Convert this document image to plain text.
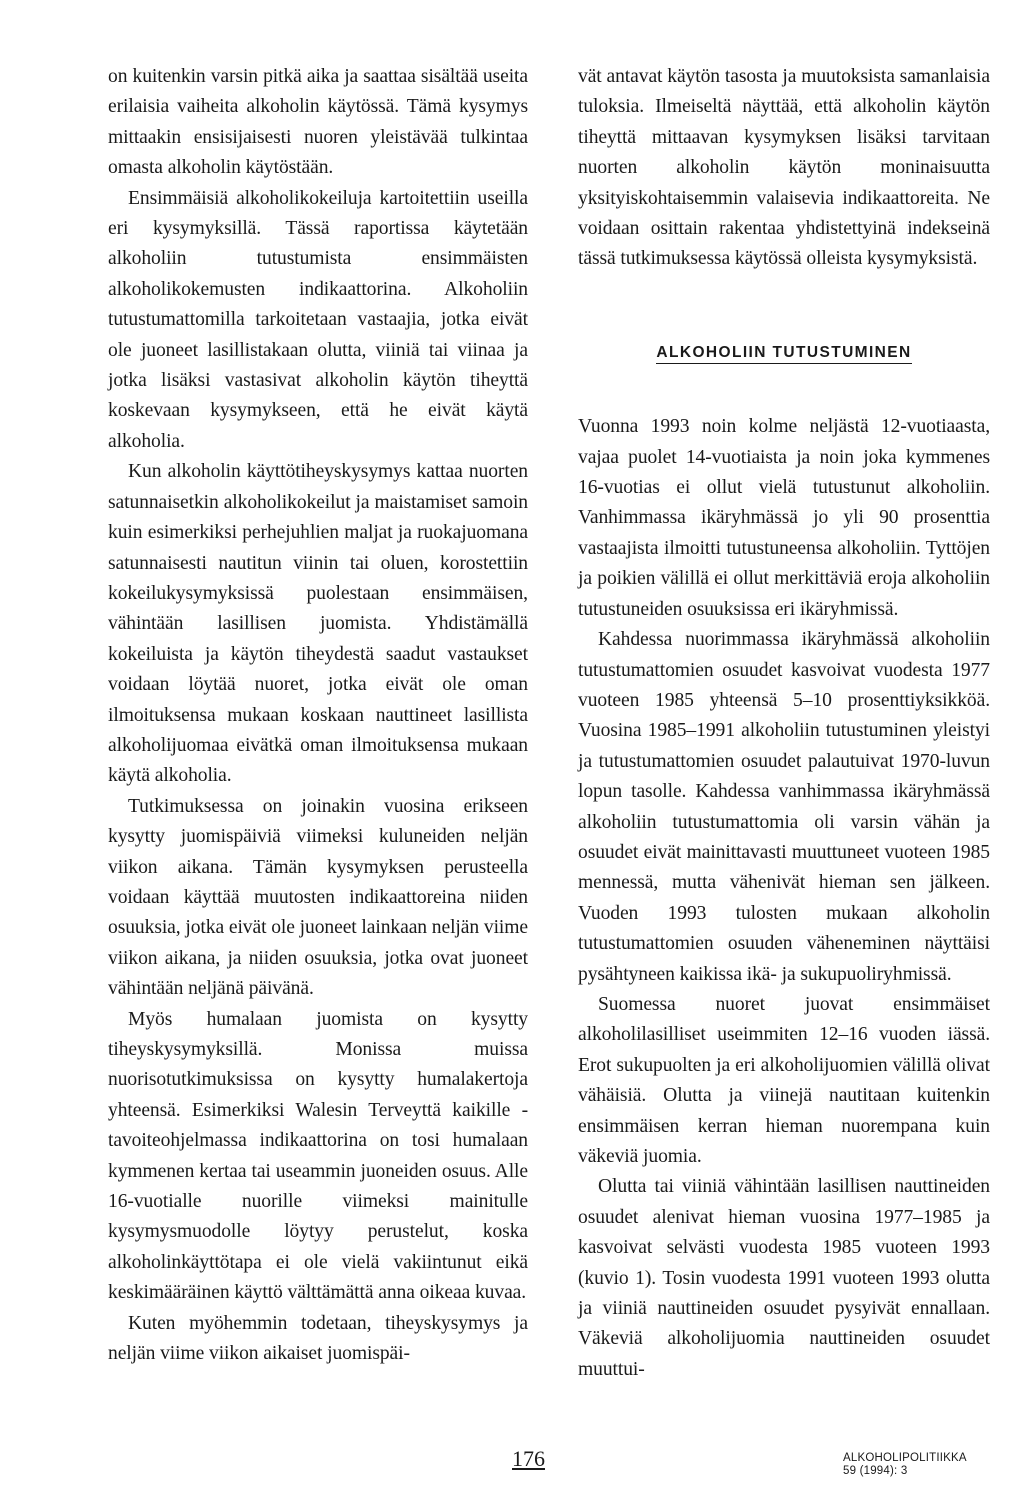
on kuitenkin varsin pitkä aika ja saattaa sisältää useita erilaisia vaiheita alkoholin käytössä. Tämä kysymys mittaakin ensisijaisesti nuoren yleistävää tulkintaa omasta alkoholin käytöstään.

Ensimmäisiä alkoholikokeiluja kartoitettiin useilla eri kysymyksillä. Tässä raportissa käytetään alkoholiin tutustumista ensimmäisten alkoholikokemusten indikaattorina. Alkoholiin tutustumattomilla tarkoitetaan vastaajia, jotka eivät ole juoneet lasillistakaan olutta, viiniä tai viinaa ja jotka lisäksi vastasivat alkoholin käytön tiheyttä koskevaan kysymykseen, että he eivät käytä alkoholia.

Kun alkoholin käyttötiheyskysymys kattaa nuorten satunnaisetkin alkoholikokeilut ja maistamiset samoin kuin esimerkiksi perhejuhlien maljat ja ruokajuomana satunnaisesti nautitun viinin tai oluen, korostettiin kokeilukysymyksissä puolestaan ensimmäisen, vähintään lasillisen juomista. Yhdistämällä kokeiluista ja käytön tiheydestä saadut vastaukset voidaan löytää nuoret, jotka eivät ole oman ilmoituksensa mukaan koskaan nauttineet lasillista alkoholijuomaa eivätkä oman ilmoituksensa mukaan käytä alkoholia.

Tutkimuksessa on joinakin vuosina erikseen kysytty juomispäiviä viimeksi kuluneiden neljän viikon aikana. Tämän kysymyksen perusteella voidaan käyttää muutosten indikaattoreina niiden osuuksia, jotka eivät ole juoneet lainkaan neljän viime viikon aikana, ja niiden osuuksia, jotka ovat juoneet vähintään neljänä päivänä.

Myös humalaan juomista on kysytty tiheyskysymyksillä. Monissa muissa nuorisotutkimuksissa on kysytty humalakertoja yhteensä. Esimerkiksi Walesin Terveyttä kaikille -tavoiteohjelmassa indikaattorina on tosi humalaan kymmenen kertaa tai useammin juoneiden osuus. Alle 16-vuotialle nuorille viimeksi mainitulle kysymysmuodolle löytyy perustelut, koska alkoholinkäyttötapa ei ole vielä vakiintunut eikä keskimääräinen käyttö välttämättä anna oikeaa kuvaa.

Kuten myöhemmin todetaan, tiheyskysymys ja neljän viime viikon aikaiset juomispäi-

vät antavat käytön tasosta ja muutoksista samanlaisia tuloksia. Ilmeiseltä näyttää, että alkoholin käytön tiheyttä mittaavan kysymyksen lisäksi tarvitaan nuorten alkoholin käytön moninaisuutta yksityiskohtaisemmin valaisevia indikaattoreita. Ne voidaan osittain rakentaa yhdistettyinä indekseinä tässä tutkimuksessa käytössä olleista kysymyksistä.

ALKOHOLIIN TUTUSTUMINEN

Vuonna 1993 noin kolme neljästä 12-vuotiaasta, vajaa puolet 14-vuotiaista ja noin joka kymmenes 16-vuotias ei ollut vielä tutustunut alkoholiin. Vanhimmassa ikäryhmässä jo yli 90 prosenttia vastaajista ilmoitti tutustuneensa alkoholiin. Tyttöjen ja poikien välillä ei ollut merkittäviä eroja alkoholiin tutustuneiden osuuksissa eri ikäryhmissä.

Kahdessa nuorimmassa ikäryhmässä alkoholiin tutustumattomien osuudet kasvoivat vuodesta 1977 vuoteen 1985 yhteensä 5–10 prosenttiyksikköä. Vuosina 1985–1991 alkoholiin tutustuminen yleistyi ja tutustumattomien osuudet palautuivat 1970-luvun lopun tasolle. Kahdessa vanhimmassa ikäryhmässä alkoholiin tutustumattomia oli varsin vähän ja osuudet eivät mainittavasti muuttuneet vuoteen 1985 mennessä, mutta vähenivät hieman sen jälkeen. Vuoden 1993 tulosten mukaan alkoholin tutustumattomien osuuden väheneminen näyttäisi pysähtyneen kaikissa ikä- ja sukupuoliryhmissä.

Suomessa nuoret juovat ensimmäiset alkoholilasilliset useimmiten 12–16 vuoden iässä. Erot sukupuolten ja eri alkoholijuomien välillä olivat vähäisiä. Olutta ja viinejä nautitaan kuitenkin ensimmäisen kerran hieman nuorempana kuin väkeviä juomia.

Olutta tai viiniä vähintään lasillisen nauttineiden osuudet alenivat hieman vuosina 1977–1985 ja kasvoivat selvästi vuodesta 1985 vuoteen 1993 (kuvio 1). Tosin vuodesta 1991 vuoteen 1993 olutta ja viiniä nauttineiden osuudet pysyivät ennallaan. Väkeviä alkoholijuomia nauttineiden osuudet muuttui-

176	ALKOHOLIPOLITIIKKA
59 (1994): 3
